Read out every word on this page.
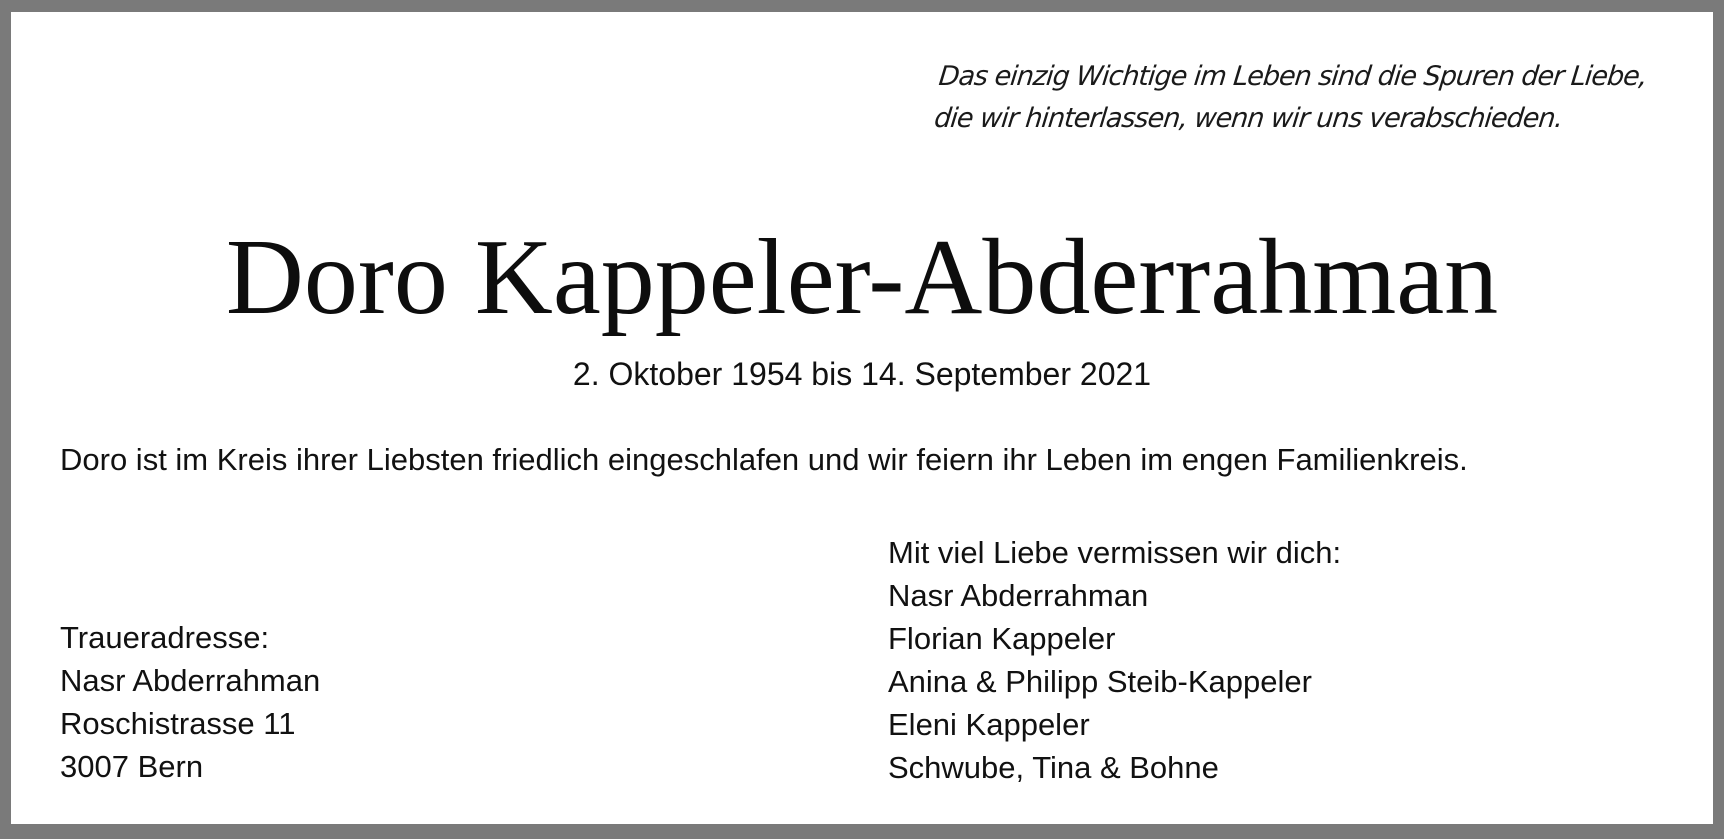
Das einzig Wichtige im Leben sind die Spuren der Liebe,
die wir hinterlassen, wenn wir uns verabschieden.
Doro Kappeler-Abderrahman
2. Oktober 1954 bis 14. September 2021
Doro ist im Kreis ihrer Liebsten friedlich eingeschlafen und wir feiern ihr Leben im engen Familienkreis.
Traueradresse:
Nasr Abderrahman
Roschistrasse 11
3007 Bern
Mit viel Liebe vermissen wir dich:
Nasr Abderrahman
Florian Kappeler
Anina & Philipp Steib-Kappeler
Eleni Kappeler
Schwube, Tina & Bohne
